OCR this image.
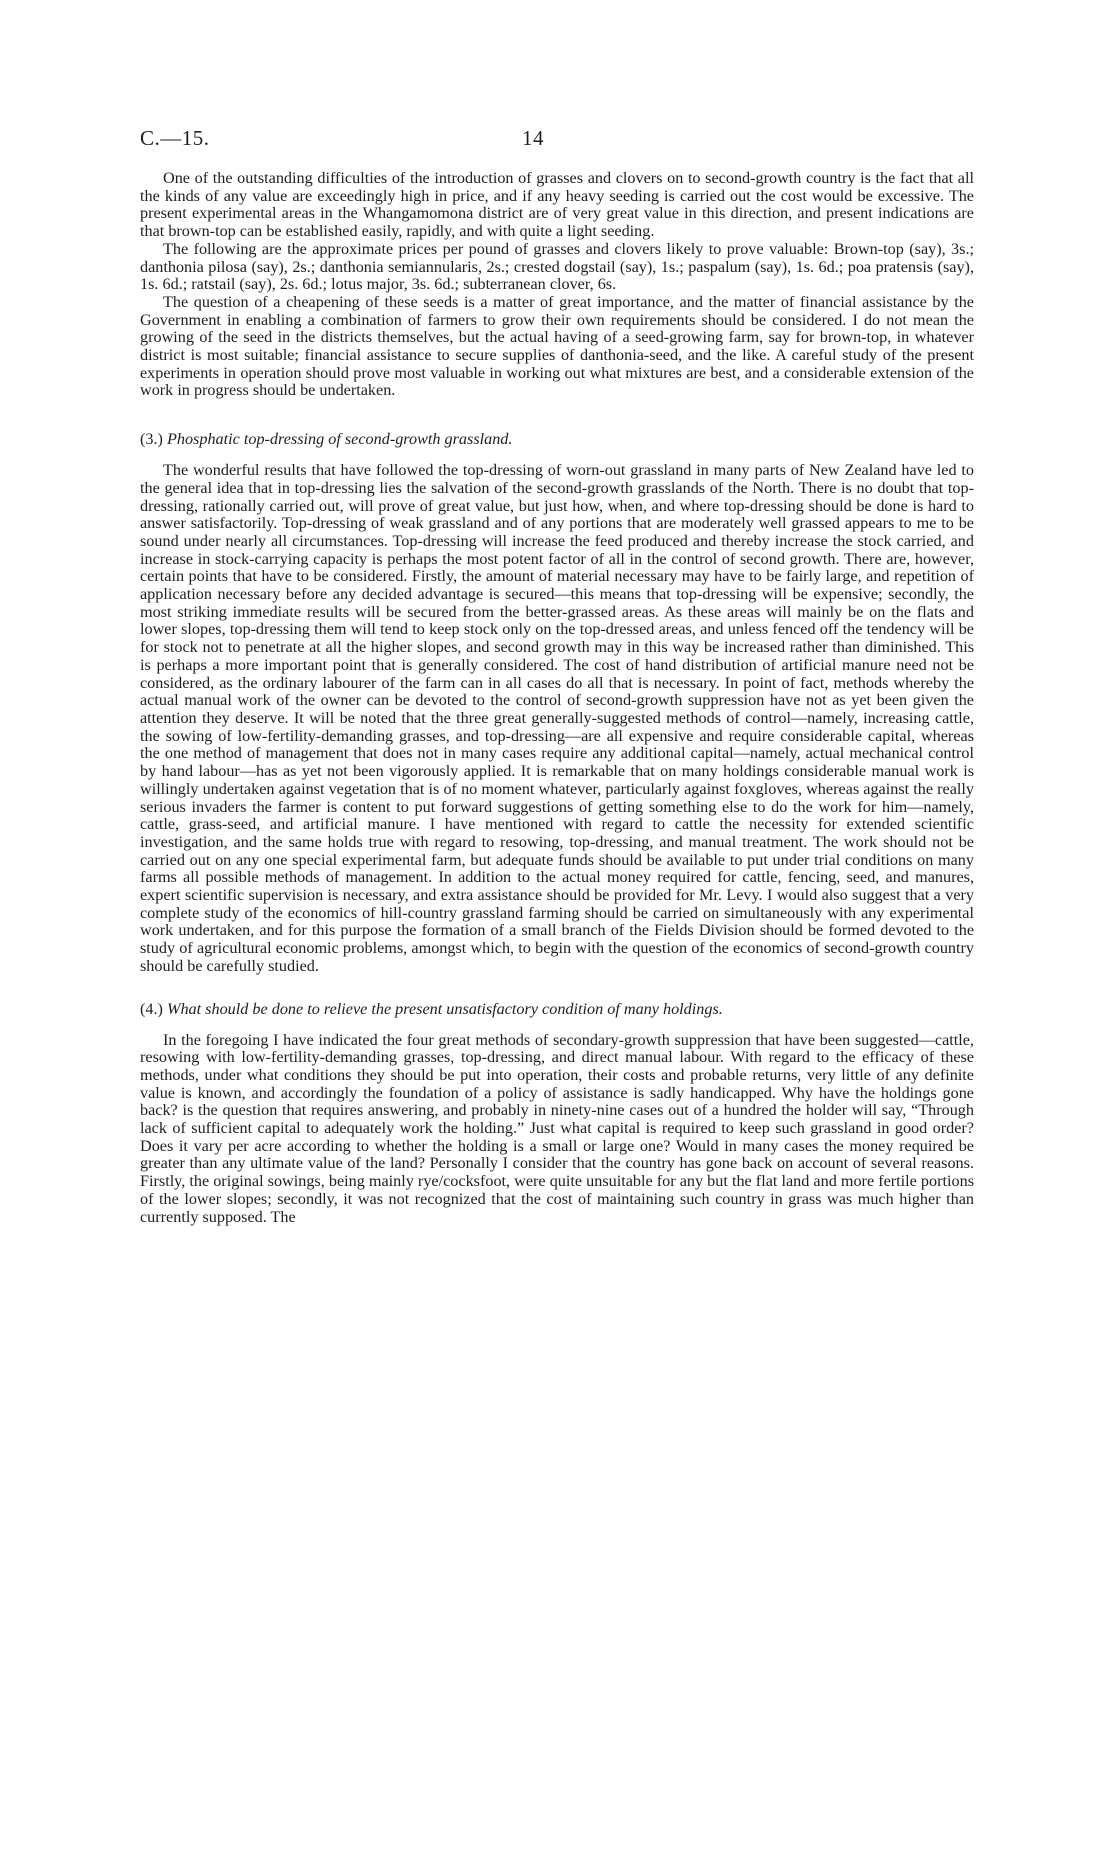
C.—15.	14

One of the outstanding difficulties of the introduction of grasses and clovers on to second-growth country is the fact that all the kinds of any value are exceedingly high in price, and if any heavy seeding is carried out the cost would be excessive. The present experimental areas in the Whangamomona district are of very great value in this direction, and present indications are that brown-top can be established easily, rapidly, and with quite a light seeding.

The following are the approximate prices per pound of grasses and clovers likely to prove valuable: Brown-top (say), 3s.; danthonia pilosa (say), 2s.; danthonia semiannularis, 2s.; crested dogstail (say), 1s.; paspalum (say), 1s. 6d.; poa pratensis (say), 1s. 6d.; ratstail (say), 2s. 6d.; lotus major, 3s. 6d.; subterranean clover, 6s.

The question of a cheapening of these seeds is a matter of great importance, and the matter of financial assistance by the Government in enabling a combination of farmers to grow their own requirements should be considered. I do not mean the growing of the seed in the districts themselves, but the actual having of a seed-growing farm, say for brown-top, in whatever district is most suitable; financial assistance to secure supplies of danthonia-seed, and the like. A careful study of the present experiments in operation should prove most valuable in working out what mixtures are best, and a considerable extension of the work in progress should be undertaken.

(3.) Phosphatic top-dressing of second-growth grassland.

The wonderful results that have followed the top-dressing of worn-out grassland in many parts of New Zealand have led to the general idea that in top-dressing lies the salvation of the second-growth grasslands of the North. There is no doubt that top-dressing, rationally carried out, will prove of great value, but just how, when, and where top-dressing should be done is hard to answer satisfactorily. Top-dressing of weak grassland and of any portions that are moderately well grassed appears to me to be sound under nearly all circumstances. Top-dressing will increase the feed produced and thereby increase the stock carried, and increase in stock-carrying capacity is perhaps the most potent factor of all in the control of second growth. There are, however, certain points that have to be considered. Firstly, the amount of material necessary may have to be fairly large, and repetition of application necessary before any decided advantage is secured—this means that top-dressing will be expensive; secondly, the most striking immediate results will be secured from the better-grassed areas. As these areas will mainly be on the flats and lower slopes, top-dressing them will tend to keep stock only on the top-dressed areas, and unless fenced off the tendency will be for stock not to penetrate at all the higher slopes, and second growth may in this way be increased rather than diminished. This is perhaps a more important point that is generally considered. The cost of hand distribution of artificial manure need not be considered, as the ordinary labourer of the farm can in all cases do all that is necessary. In point of fact, methods whereby the actual manual work of the owner can be devoted to the control of second-growth suppression have not as yet been given the attention they deserve. It will be noted that the three great generally-suggested methods of control—namely, increasing cattle, the sowing of low-fertility-demanding grasses, and top-dressing—are all expensive and require considerable capital, whereas the one method of management that does not in many cases require any additional capital—namely, actual mechanical control by hand labour—has as yet not been vigorously applied. It is remarkable that on many holdings considerable manual work is willingly undertaken against vegetation that is of no moment whatever, particularly against foxgloves, whereas against the really serious invaders the farmer is content to put forward suggestions of getting something else to do the work for him—namely, cattle, grass-seed, and artificial manure. I have mentioned with regard to cattle the necessity for extended scientific investigation, and the same holds true with regard to resowing, top-dressing, and manual treatment. The work should not be carried out on any one special experimental farm, but adequate funds should be available to put under trial conditions on many farms all possible methods of management. In addition to the actual money required for cattle, fencing, seed, and manures, expert scientific supervision is necessary, and extra assistance should be provided for Mr. Levy. I would also suggest that a very complete study of the economics of hill-country grassland farming should be carried on simultaneously with any experimental work undertaken, and for this purpose the formation of a small branch of the Fields Division should be formed devoted to the study of agricultural economic problems, amongst which, to begin with the question of the economics of second-growth country should be carefully studied.

(4.) What should be done to relieve the present unsatisfactory condition of many holdings.

In the foregoing I have indicated the four great methods of secondary-growth suppression that have been suggested—cattle, resowing with low-fertility-demanding grasses, top-dressing, and direct manual labour. With regard to the efficacy of these methods, under what conditions they should be put into operation, their costs and probable returns, very little of any definite value is known, and accordingly the foundation of a policy of assistance is sadly handicapped. Why have the holdings gone back? is the question that requires answering, and probably in ninety-nine cases out of a hundred the holder will say, “Through lack of sufficient capital to adequately work the holding.” Just what capital is required to keep such grassland in good order? Does it vary per acre according to whether the holding is a small or large one? Would in many cases the money required be greater than any ultimate value of the land? Personally I consider that the country has gone back on account of several reasons. Firstly, the original sowings, being mainly rye/cocksfoot, were quite unsuitable for any but the flat land and more fertile portions of the lower slopes; secondly, it was not recognized that the cost of maintaining such country in grass was much higher than currently supposed. The
